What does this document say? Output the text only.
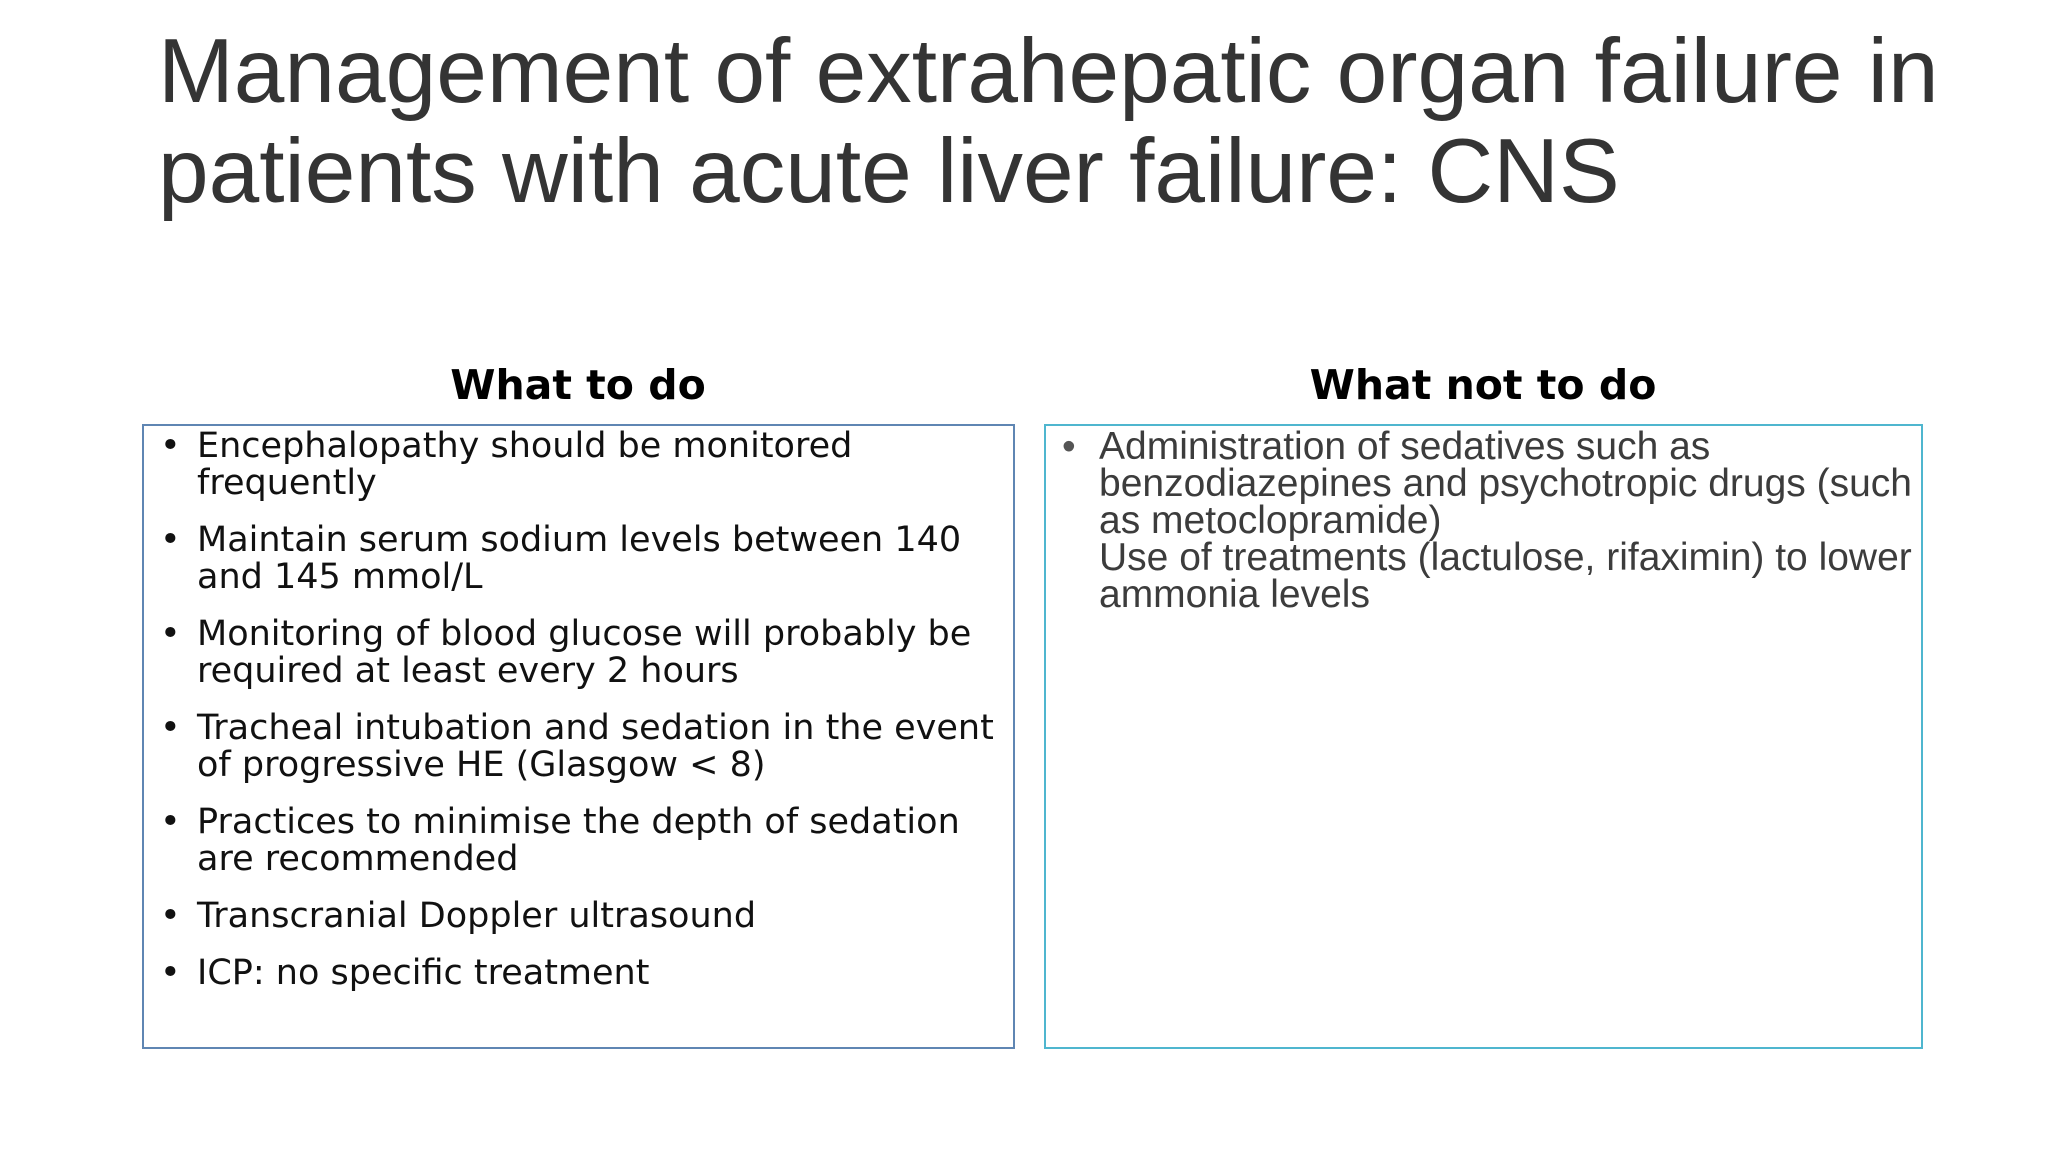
Management of extrahepatic organ failure in patients with acute liver failure: CNS
What to do	What not to do
• Encephalopathy should be monitored frequently
• Maintain serum sodium levels between 140 and 145 mmol/L
• Monitoring of blood glucose will probably be required at least every 2 hours
• Tracheal intubation and sedation in the event of progressive HE (Glasgow < 8)
• Practices to minimise the depth of sedation are recommended
• Transcranial Doppler ultrasound
• ICP: no specific treatment
• Administration of sedatives such as benzodiazepines and psychotropic drugs (such as metoclopramide)
Use of treatments (lactulose, rifaximin) to lower ammonia levels
